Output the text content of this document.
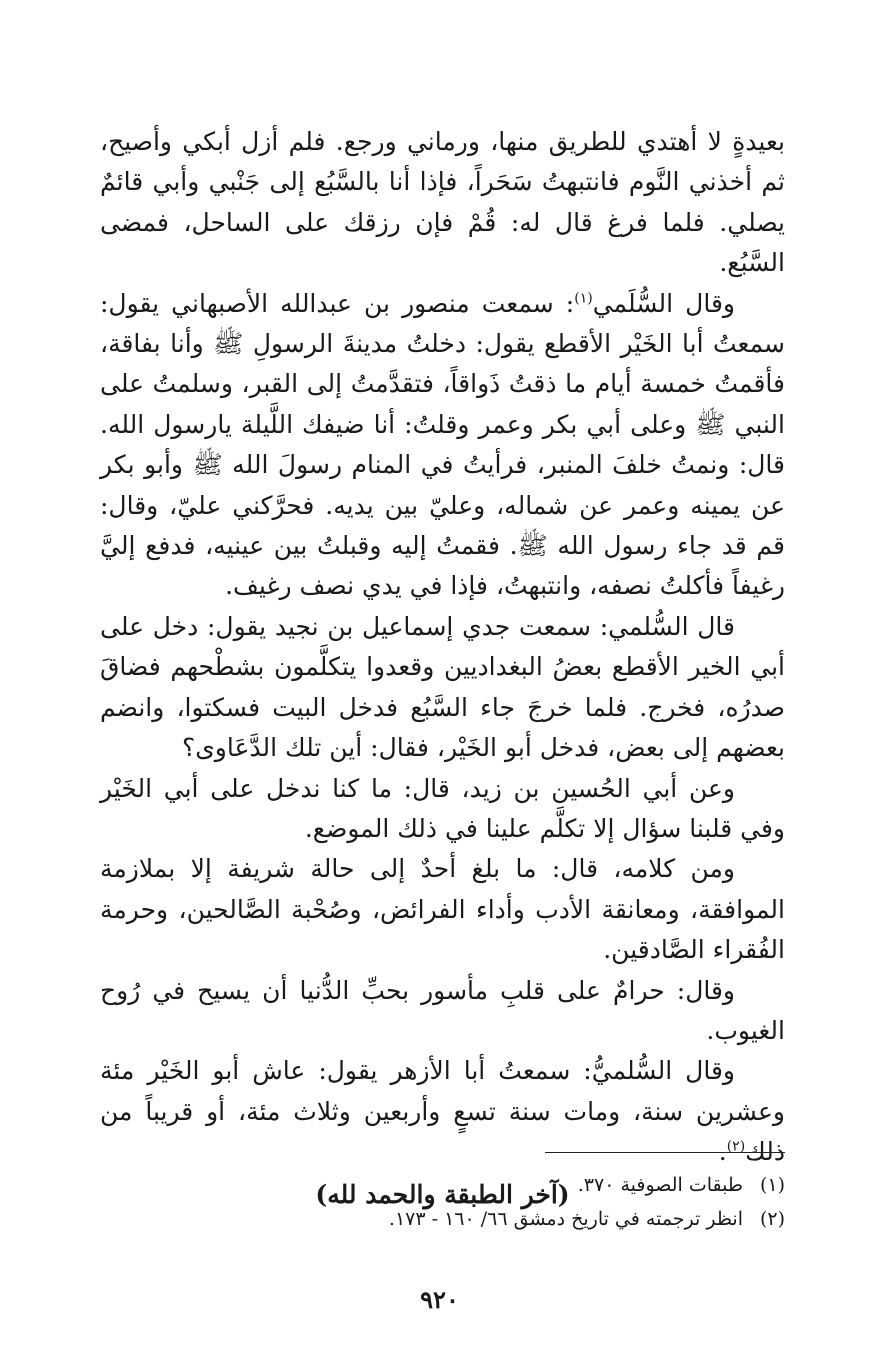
بعيدةٍ لا أهتدي للطريق منها، ورماني ورجع. فلم أزل أبكي وأصيح، ثم أخذني النَّوم فانتبهتُ سَحَراً، فإذا أنا بالسَّبُع إلى جَنْبي وأبي قائمٌ يصلي. فلما فرغ قال له: قُمْ فإن رزقك على الساحل، فمضى السَّبُع.

وقال السُّلَمي$^{(١)}$: سمعت منصور بن عبدالله الأصبهاني يقول: سمعتُ أبا الخَيْر الأقطع يقول: دخلتُ مدينةَ الرسولِ ﷺ وأنا بفاقة، فأقمتُ خمسة أيام ما ذقتُ ذَواقاً، فتقدَّمتُ إلى القبر، وسلمتُ على النبي ﷺ وعلى أبي بكر وعمر وقلتُ: أنا ضيفك اللَّيلة يارسول الله. قال: ونمتُ خلفَ المنبر، فرأيتُ في المنام رسولَ الله ﷺ وأبو بكر عن يمينه وعمر عن شماله، وعليّ بين يديه. فحرَّكني عليّ، وقال: قم قد جاء رسول الله ﷺ. فقمتُ إليه وقبلتُ بين عينيه، فدفع إليَّ رغيفاً فأكلتُ نصفه، وانتبهتُ، فإذا في يدي نصف رغيف.

قال السُّلمي: سمعت جدي إسماعيل بن نجيد يقول: دخل على أبي الخير الأقطع بعضُ البغداديين وقعدوا يتكلَّمون بشطْحهم فضاقَ صدرُه، فخرج. فلما خرجَ جاء السَّبُع فدخل البيت فسكتوا، وانضم بعضهم إلى بعض، فدخل أبو الخَيْر، فقال: أين تلك الدَّعَاوى؟

وعن أبي الحُسين بن زيد، قال: ما كنا ندخل على أبي الخَيْر وفي قلبنا سؤال إلا تكلَّم علينا في ذلك الموضع.

ومن كلامه، قال: ما بلغ أحدٌ إلى حالة شريفة إلا بملازمة الموافقة، ومعانقة الأدب وأداء الفرائض، وصُحْبة الصَّالحين، وحرمة الفُقراء الصَّادقين.

وقال: حرامٌ على قلبِ مأسور بحبِّ الدُّنيا أن يسيح في رُوح الغيوب.

وقال السُّلميُّ: سمعتُ أبا الأزهر يقول: عاش أبو الخَيْر مئة وعشرين سنة، ومات سنة تسعٍ وأربعين وثلاث مئة، أو قريباً من ذلك$^{(٢)}$.

(آخر الطبقة والحمد لله)	(١)طبقات الصوفية ٣٧٠.

(٢)انظر ترجمته في تاريخ دمشق ٦٦/ ١٦٠ - ١٧٣.

٩٢٠
